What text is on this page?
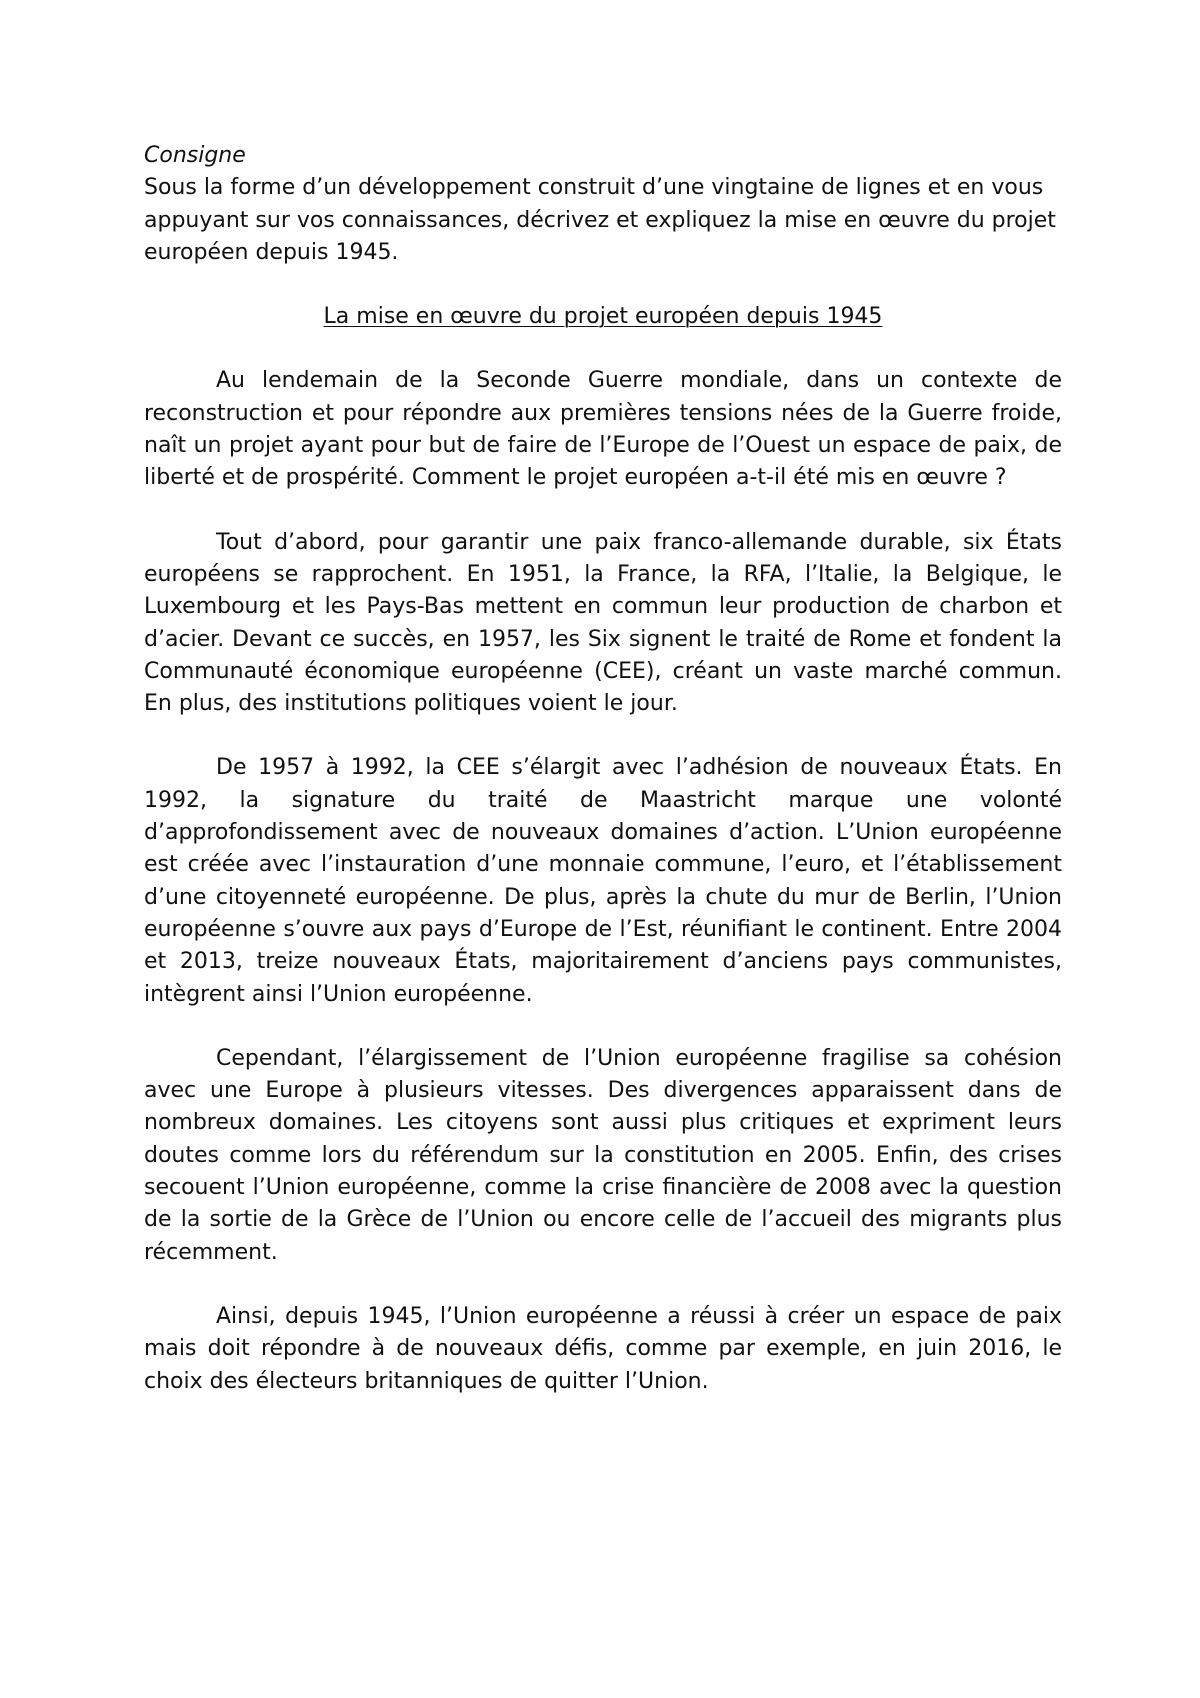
Consigne

Sous la forme d’un développement construit d’une vingtaine de lignes et en vous appuyant sur vos connaissances, décrivez et expliquez la mise en œuvre du projet européen depuis 1945.

La mise en œuvre du projet européen depuis 1945

Au lendemain de la Seconde Guerre mondiale, dans un contexte de reconstruction et pour répondre aux premières tensions nées de la Guerre froide, naît un projet ayant pour but de faire de l’Europe de l’Ouest un espace de paix, de liberté et de prospérité. Comment le projet européen a-t-il été mis en œuvre ?

Tout d’abord, pour garantir une paix franco-allemande durable, six États européens se rapprochent. En 1951, la France, la RFA, l’Italie, la Belgique, le Luxembourg et les Pays-Bas mettent en commun leur production de charbon et d’acier. Devant ce succès, en 1957, les Six signent le traité de Rome et fondent la Communauté économique européenne (CEE), créant un vaste marché commun. En plus, des institutions politiques voient le jour.

De 1957 à 1992, la CEE s’élargit avec l’adhésion de nouveaux États. En 1992, la signature du traité de Maastricht marque une volonté d’approfondissement avec de nouveaux domaines d’action. L’Union européenne est créée avec l’instauration d’une monnaie commune, l’euro, et l’établissement d’une citoyenneté européenne. De plus, après la chute du mur de Berlin, l’Union européenne s’ouvre aux pays d’Europe de l’Est, réunifiant le continent. Entre 2004 et 2013, treize nouveaux États, majoritairement d’anciens pays communistes, intègrent ainsi l’Union européenne.

Cependant, l’élargissement de l’Union européenne fragilise sa cohésion avec une Europe à plusieurs vitesses. Des divergences apparaissent dans de nombreux domaines. Les citoyens sont aussi plus critiques et expriment leurs doutes comme lors du référendum sur la constitution en 2005. Enfin, des crises secouent l’Union européenne, comme la crise financière de 2008 avec la question de la sortie de la Grèce de l’Union ou encore celle de l’accueil des migrants plus récemment.

Ainsi, depuis 1945, l’Union européenne a réussi à créer un espace de paix mais doit répondre à de nouveaux défis, comme par exemple, en juin 2016, le choix des électeurs britanniques de quitter l’Union.
